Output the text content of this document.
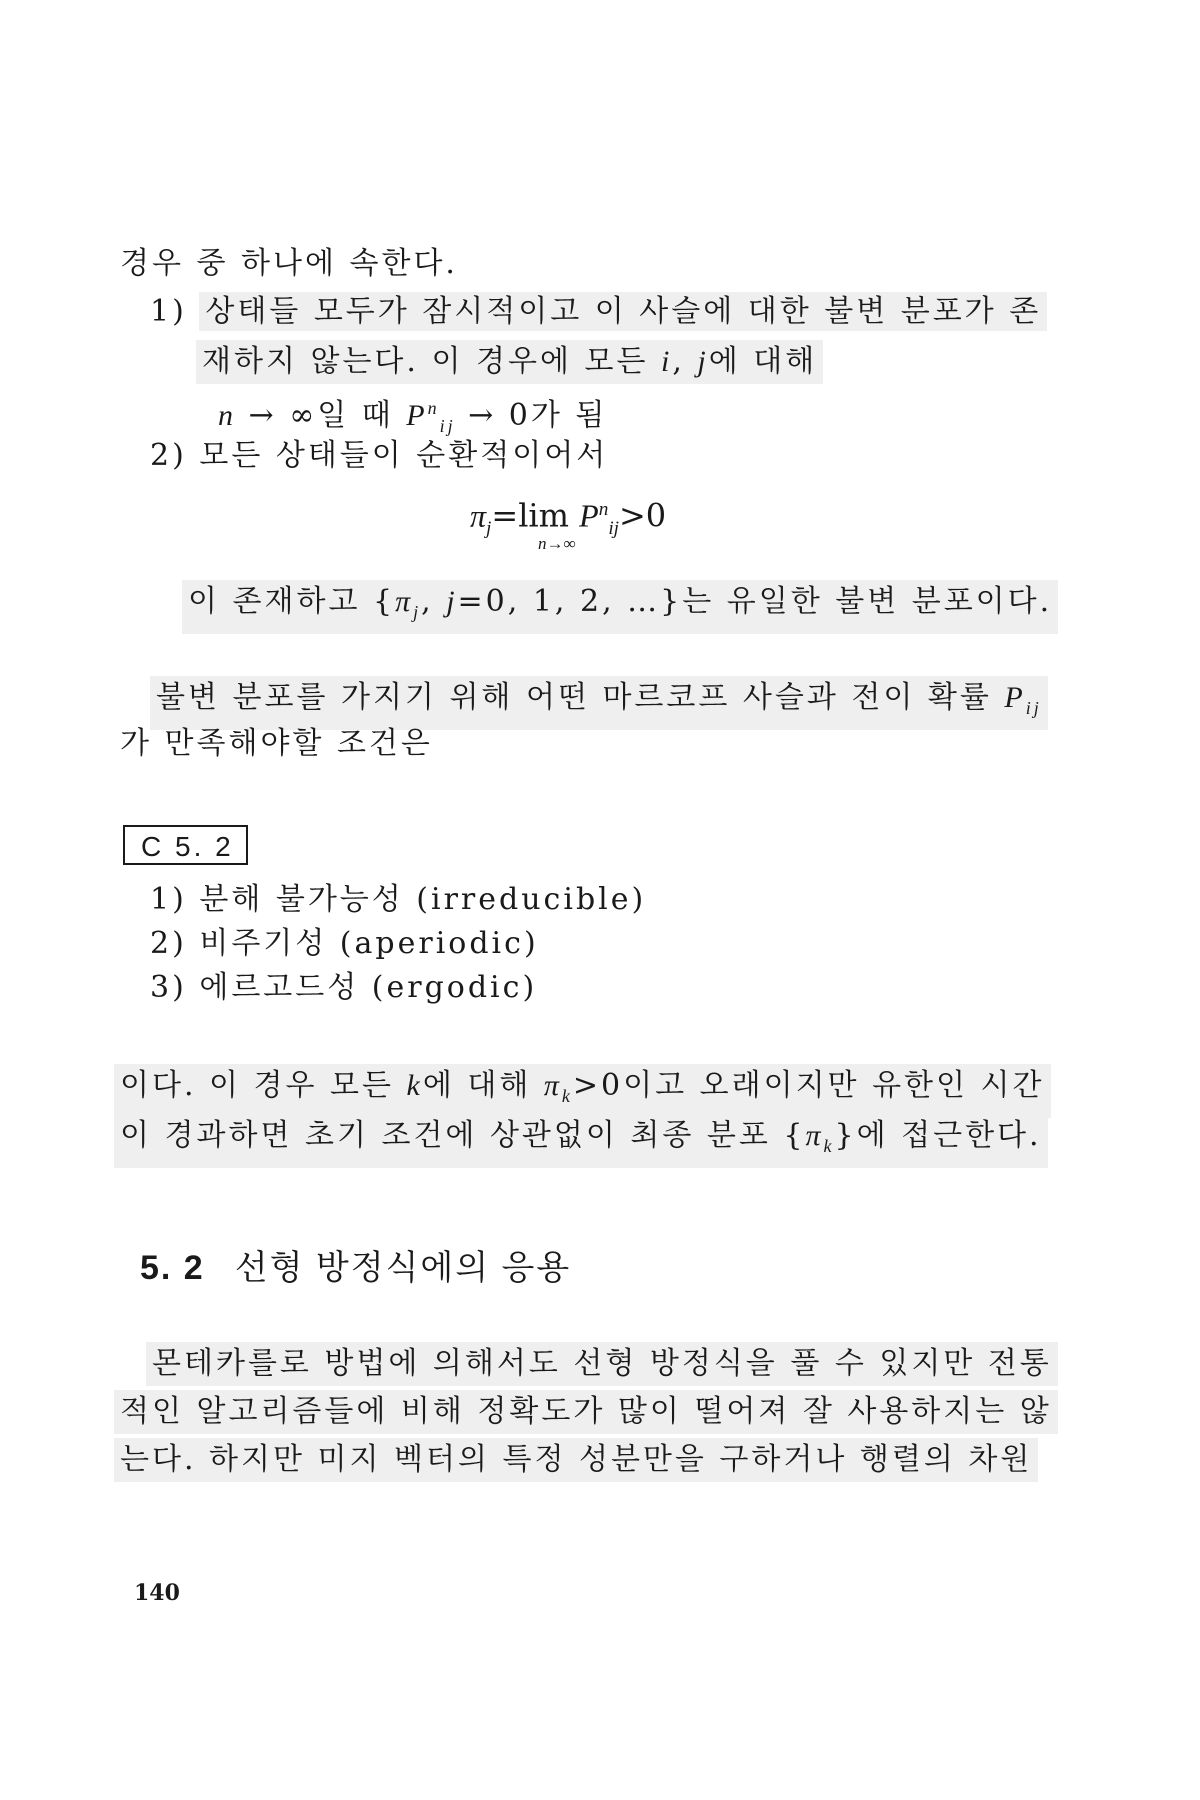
경우 중 하나에 속한다.
1) 상태들 모두가 잠시적이고 이 사슬에 대한 불변 분포가 존
재하지 않는다. 이 경우에 모든 i, j에 대해
n → ∞일 때 $P^n_{ij} \to 0$가 됨
2) 모든 상태들이 순환적이어서
$\pi_j=\lim$ $P^n_{ij}>0$
n→∞
이 존재하고 {$\pi_j$, j=0, 1, 2, …}는 유일한 불변 분포이다.
불변 분포를 가지기 위해 어떤 마르코프 사슬과 전이 확률 $P_{ij}$
가 만족해야할 조건은
C 5. 2
1) 분해 불가능성 (irreducible)
2) 비주기성 (aperiodic)
3) 에르고드성 (ergodic)
이다. 이 경우 모든 k에 대해 $\pi_k>0$이고 오래이지만 유한인 시간
이 경과하면 초기 조건에 상관없이 최종 분포 $\{\pi_k\}$에 접근한다.
5. 2 선형 방정식에의 응용
몬테카를로 방법에 의해서도 선형 방정식을 풀 수 있지만 전통
적인 알고리즘들에 비해 정확도가 많이 떨어져 잘 사용하지는 않
는다. 하지만 미지 벡터의 특정 성분만을 구하거나 행렬의 차원
140
